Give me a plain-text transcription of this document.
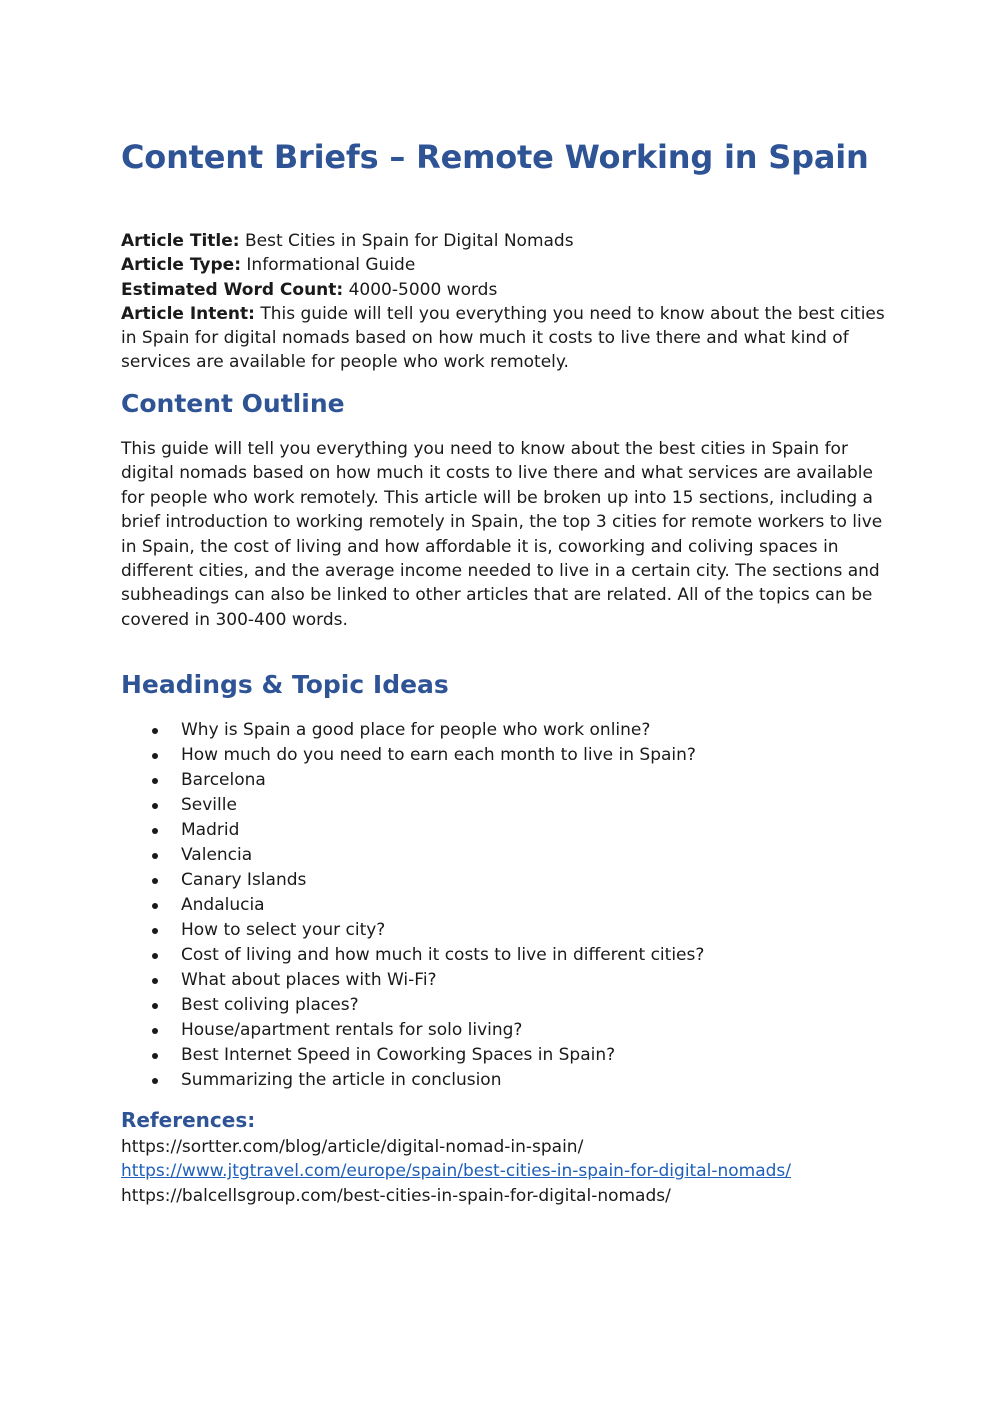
Content Briefs – Remote Working in Spain

Article Title: Best Cities in Spain for Digital Nomads

Article Type: Informational Guide

Estimated Word Count: 4000-5000 words

Article Intent: This guide will tell you everything you need to know about the best cities in Spain for digital nomads based on how much it costs to live there and what kind of services are available for people who work remotely.

Content Outline

This guide will tell you everything you need to know about the best cities in Spain for digital nomads based on how much it costs to live there and what services are available for people who work remotely. This article will be broken up into 15 sections, including a brief introduction to working remotely in Spain, the top 3 cities for remote workers to live in Spain, the cost of living and how affordable it is, coworking and coliving spaces in different cities, and the average income needed to live in a certain city. The sections and subheadings can also be linked to other articles that are related. All of the topics can be covered in 300-400 words.

Headings & Topic Ideas
Why is Spain a good place for people who work online?
How much do you need to earn each month to live in Spain?
Barcelona
Seville
Madrid
Valencia
Canary Islands
Andalucia
How to select your city?
Cost of living and how much it costs to live in different cities?
What about places with Wi-Fi?
Best coliving places?
House/apartment rentals for solo living?
Best Internet Speed in Coworking Spaces in Spain?
Summarizing the article in conclusion
References:
https://sortter.com/blog/article/digital-nomad-in-spain/
https://www.jtgtravel.com/europe/spain/best-cities-in-spain-for-digital-nomads/
https://balcellsgroup.com/best-cities-in-spain-for-digital-nomads/
